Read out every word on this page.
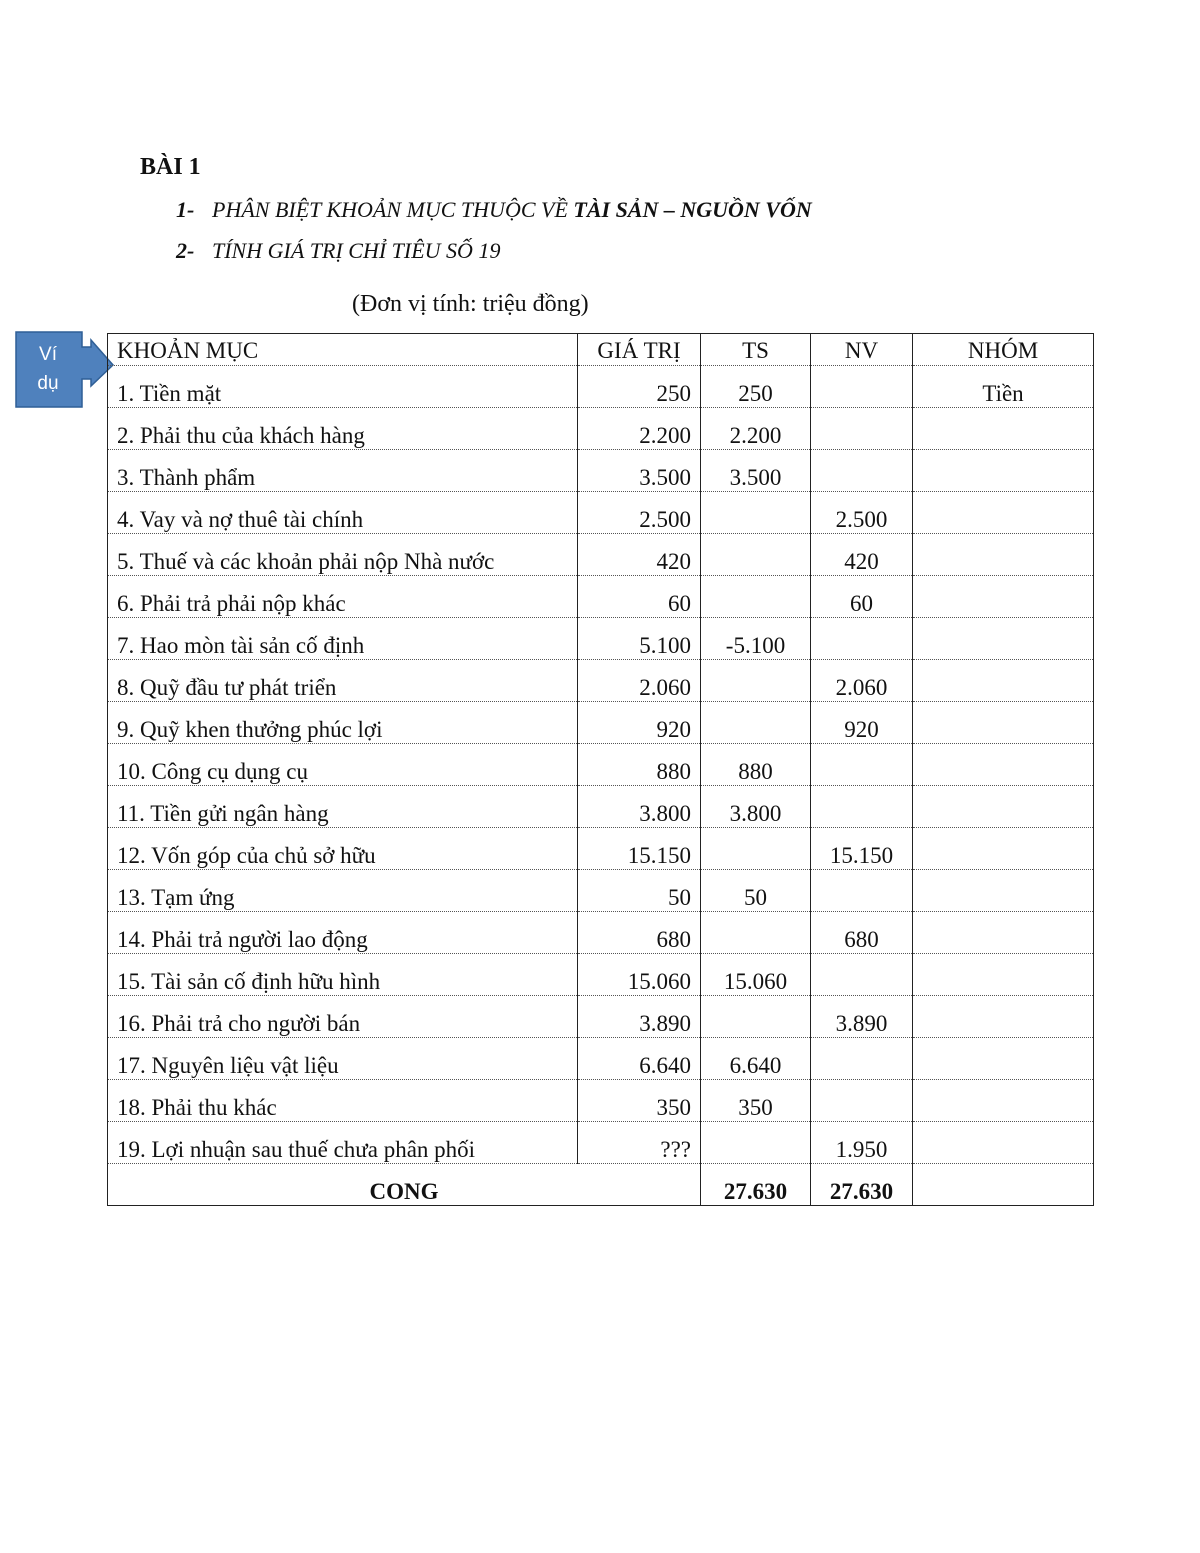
BÀI 1
1- PHÂN BIỆT KHOẢN MỤC THUỘC VỀ TÀI SẢN – NGUỒN VỐN
2- TÍNH GIÁ TRỊ CHỈ TIÊU SỐ 19
(Đơn vị tính: triệu đồng)
Ví
dụ
KHOẢN MỤC	GIÁ TRỊ	TS	NV	NHÓM
1. Tiền mặt	250	250		Tiền
2. Phải thu của khách hàng	2.200	2.200		
3. Thành phẩm	3.500	3.500		
4. Vay và nợ thuê tài chính	2.500		2.500	
5. Thuế và các khoản phải nộp Nhà nước	420		420	
6. Phải trả phải nộp khác	60		60	
7. Hao mòn tài sản cố định	5.100	-5.100		
8. Quỹ đầu tư phát triển	2.060		2.060	
9. Quỹ khen thưởng phúc lợi	920		920	
10. Công cụ dụng cụ	880	880		
11. Tiền gửi ngân hàng	3.800	3.800		
12. Vốn góp của chủ sở hữu	15.150		15.150	
13. Tạm ứng	50	50		
14. Phải trả người lao động	680		680	
15. Tài sản cố định hữu hình	15.060	15.060		
16. Phải trả cho người bán	3.890		3.890	
17. Nguyên liệu vật liệu	6.640	6.640		
18. Phải thu khác	350	350		
19. Lợi nhuận sau thuế chưa phân phối	???		1.950	
CONG		27.630	27.630	
